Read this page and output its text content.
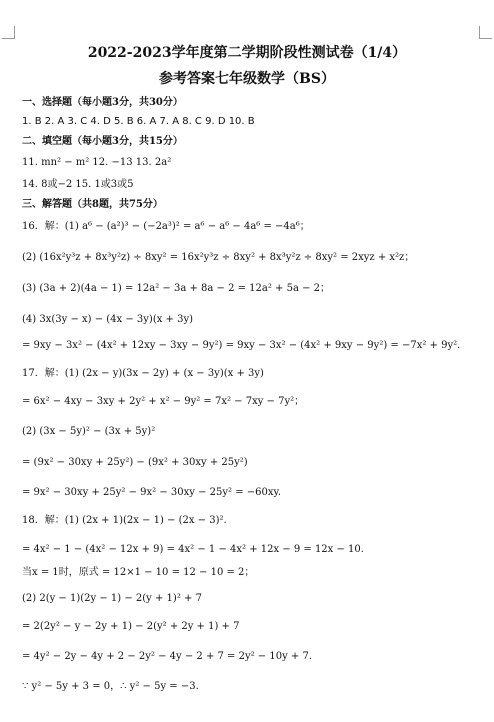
2022-2023学年度第二学期阶段性测试卷（1/4）
参考答案七年级数学（BS）
一、选择题（每小题3分，共30分）
1. B 2. A 3. C 4. D 5. B 6. A 7. A 8. C 9. D 10. B
二、填空题（每小题3分，共15分）
11. mn² − m² 12. −13 13. 2a²
14. 8或−2 15. 1或3或5
三、解答题（共8题，共75分）
16．解：(1) a⁶ − (a²)³ − (−2a³)² = a⁶ − a⁶ − 4a⁶ = −4a⁶；
(2) (16x²y³z + 8x³y²z) ÷ 8xy² = 16x²y³z ÷ 8xy² + 8x³y²z ÷ 8xy² = 2xyz + x²z；
(3) (3a + 2)(4a − 1) = 12a² − 3a + 8a − 2 = 12a² + 5a − 2；
(4) 3x(3y − x) − (4x − 3y)(x + 3y)
= 9xy − 3x² − (4x² + 12xy − 3xy − 9y²) = 9xy − 3x² − (4x² + 9xy − 9y²) = −7x² + 9y².
17．解：(1) (2x − y)(3x − 2y) + (x − 3y)(x + 3y)
= 6x² − 4xy − 3xy + 2y² + x² − 9y² = 7x² − 7xy − 7y²；
(2) (3x − 5y)² − (3x + 5y)²
= (9x² − 30xy + 25y²) − (9x² + 30xy + 25y²)
= 9x² − 30xy + 25y² − 9x² − 30xy − 25y² = −60xy.
18．解：(1) (2x + 1)(2x − 1) − (2x − 3)².
= 4x² − 1 − (4x² − 12x + 9) = 4x² − 1 − 4x² + 12x − 9 = 12x − 10.
当x = 1时，原式 = 12×1 − 10 = 12 − 10 = 2；
(2) 2(y − 1)(2y − 1) − 2(y + 1)² + 7
= 2(2y² − y − 2y + 1) − 2(y² + 2y + 1) + 7
= 4y² − 2y − 4y + 2 − 2y² − 4y − 2 + 7 = 2y² − 10y + 7.
∵ y² − 5y + 3 = 0，∴ y² − 5y = −3.
